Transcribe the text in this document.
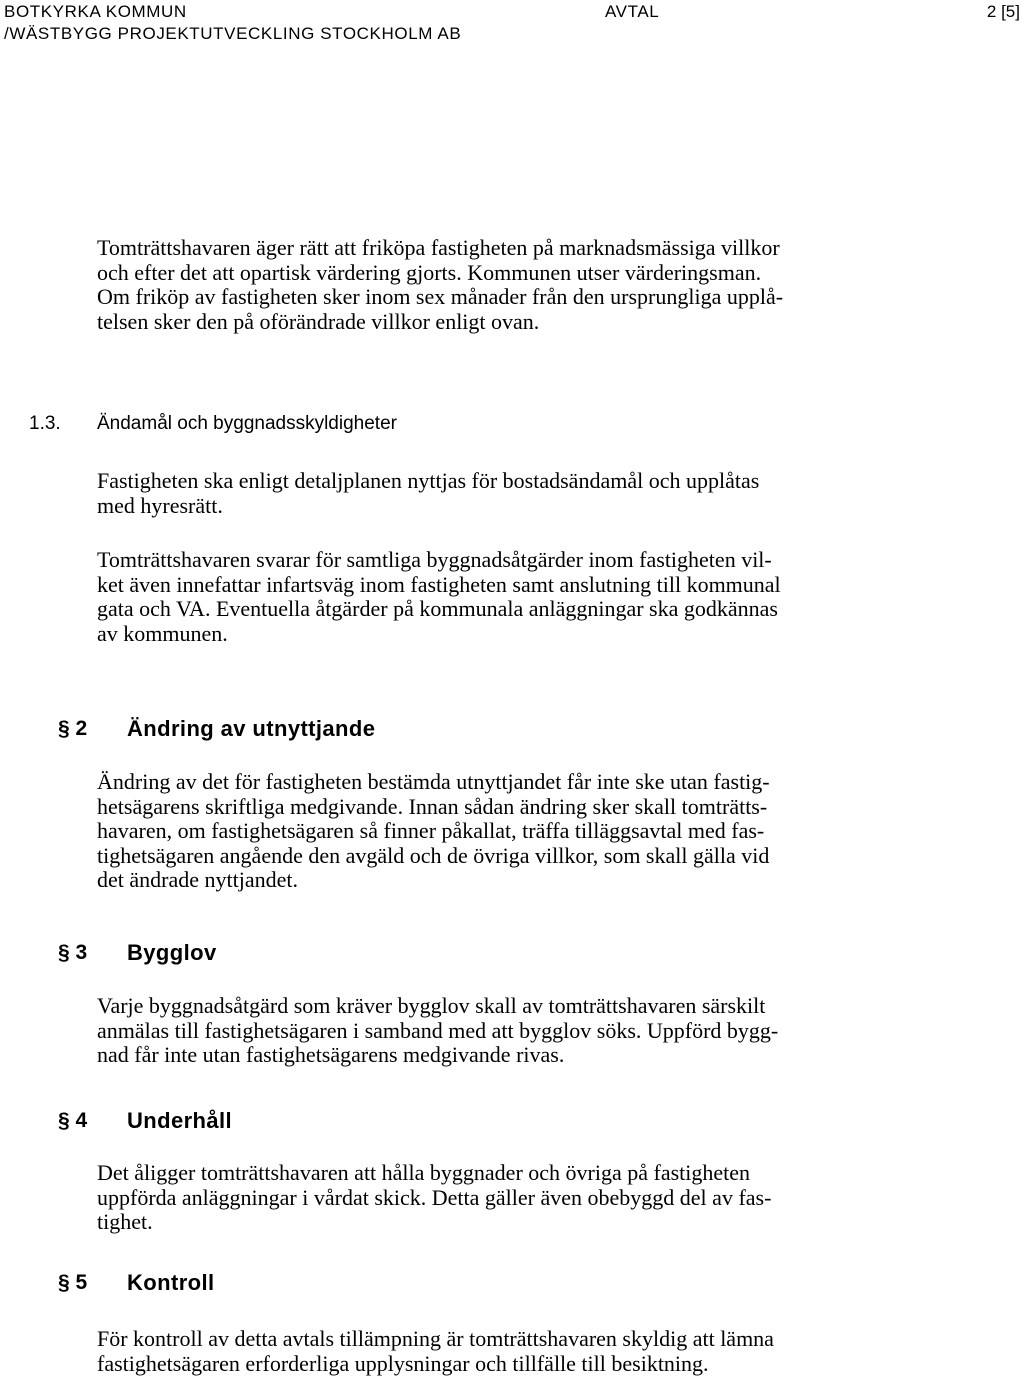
BOTKYRKA KOMMUN
/WÄSTBYGG PROJEKTUTVECKLING STOCKHOLM AB
AVTAL	2 [5]

Tomträttshavaren äger rätt att friköpa fastigheten på marknadsmässiga villkor
och efter det att opartisk värdering gjorts. Kommunen utser värderingsman.
Om friköp av fastigheten sker inom sex månader från den ursprungliga upplå-
telsen sker den på oförändrade villkor enligt ovan.

1.3. Ändamål och byggnadsskyldigheter

Fastigheten ska enligt detaljplanen nyttjas för bostadsändamål och upplåtas
med hyresrätt.

Tomträttshavaren svarar för samtliga byggnadsåtgärder inom fastigheten vil-
ket även innefattar infartsväg inom fastigheten samt anslutning till kommunal
gata och VA. Eventuella åtgärder på kommunala anläggningar ska godkännas
av kommunen.

§ 2 Ändring av utnyttjande

Ändring av det för fastigheten bestämda utnyttjandet får inte ske utan fastig-
hetsägarens skriftliga medgivande. Innan sådan ändring sker skall tomträtts-
havaren, om fastighetsägaren så finner påkallat, träffa tilläggsavtal med fas-
tighetsägaren angående den avgäld och de övriga villkor, som skall gälla vid
det ändrade nyttjandet.

§ 3 Bygglov

Varje byggnadsåtgärd som kräver bygglov skall av tomträttshavaren särskilt
anmälas till fastighetsägaren i samband med att bygglov söks. Uppförd bygg-
nad får inte utan fastighetsägarens medgivande rivas.

§ 4 Underhåll

Det åligger tomträttshavaren att hålla byggnader och övriga på fastigheten
uppförda anläggningar i vårdat skick. Detta gäller även obebyggd del av fas-
tighet.

§ 5 Kontroll

För kontroll av detta avtals tillämpning är tomträttshavaren skyldig att lämna
fastighetsägaren erforderliga upplysningar och tillfälle till besiktning.
